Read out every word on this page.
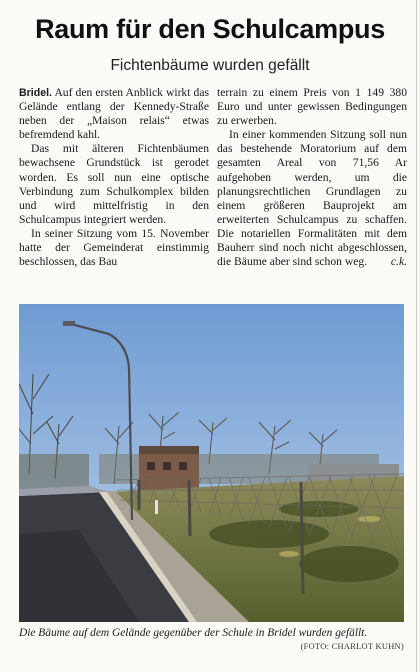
Raum für den Schulcampus
Fichtenbäume wurden gefällt

Bridel. Auf den ersten Anblick wirkt das Gelände entlang der Kennedy-Straße neben der „Maison relais“ etwas befremdend kahl.

Das mit älteren Fichtenbäumen bewachsene Grundstück ist gerodet worden. Es soll nun eine optische Verbindung zum Schulkomplex bilden und wird mittelfristig in den Schulcampus integriert werden.

In seiner Sitzung vom 15. November hatte der Gemeinderat einstimmig beschlossen, das Bau

terrain zu einem Preis von 1 149 380 Euro und unter gewissen Bedingungen zu erwerben.

In einer kommenden Sitzung soll nun das bestehende Moratorium auf dem gesamten Areal von 71,56 Ar aufgehoben werden, um die planungsrechtlichen Grundlagen zu einem größeren Bauprojekt am erweiterten Schulcampus zu schaffen. Die notariellen Formalitäten mit dem Bauherr sind noch nicht abgeschlossen, die Bäume aber sind schon weg.	c.k.

Die Bäume auf dem Gelände gegenüber der Schule in Bridel wurden gefällt.
(FOTO: CHARLOT KUHN)
